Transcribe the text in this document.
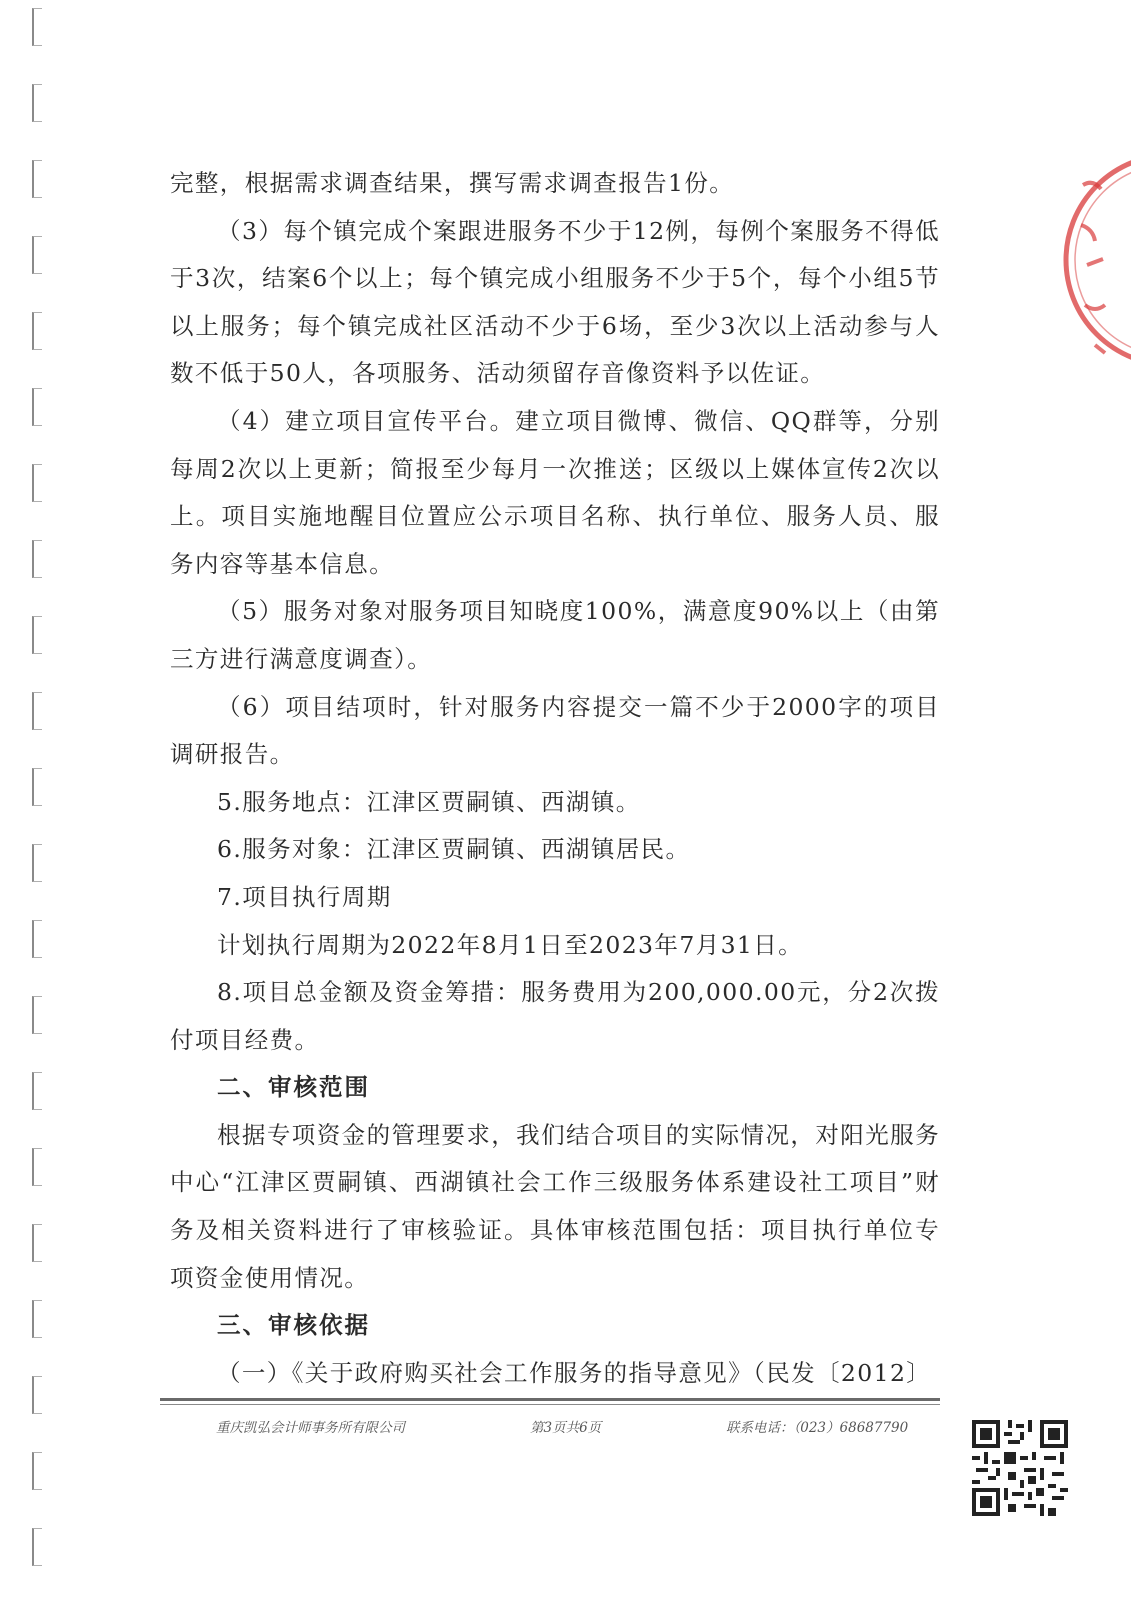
完整，根据需求调查结果，撰写需求调查报告1份。

（3）每个镇完成个案跟进服务不少于12例，每例个案服务不得低于3次，结案6个以上；每个镇完成小组服务不少于5个，每个小组5节以上服务；每个镇完成社区活动不少于6场，至少3次以上活动参与人数不低于50人，各项服务、活动须留存音像资料予以佐证。

（4）建立项目宣传平台。建立项目微博、微信、QQ群等，分别每周2次以上更新；简报至少每月一次推送；区级以上媒体宣传2次以上。项目实施地醒目位置应公示项目名称、执行单位、服务人员、服务内容等基本信息。

（5）服务对象对服务项目知晓度100%，满意度90%以上（由第三方进行满意度调查）。

（6）项目结项时，针对服务内容提交一篇不少于2000字的项目调研报告。

5.服务地点：江津区贾嗣镇、西湖镇。

6.服务对象：江津区贾嗣镇、西湖镇居民。

7.项目执行周期

计划执行周期为2022年8月1日至2023年7月31日。

8.项目总金额及资金筹措：服务费用为200,000.00元，分2次拨付项目经费。

二、审核范围

根据专项资金的管理要求，我们结合项目的实际情况，对阳光服务中心“江津区贾嗣镇、西湖镇社会工作三级服务体系建设社工项目”财务及相关资料进行了审核验证。具体审核范围包括：项目执行单位专项资金使用情况。

三、审核依据

（一）《关于政府购买社会工作服务的指导意见》（民发〔2012〕

重庆凯弘会计师事务所有限公司	第3页共6页	联系电话：（023）68687790
